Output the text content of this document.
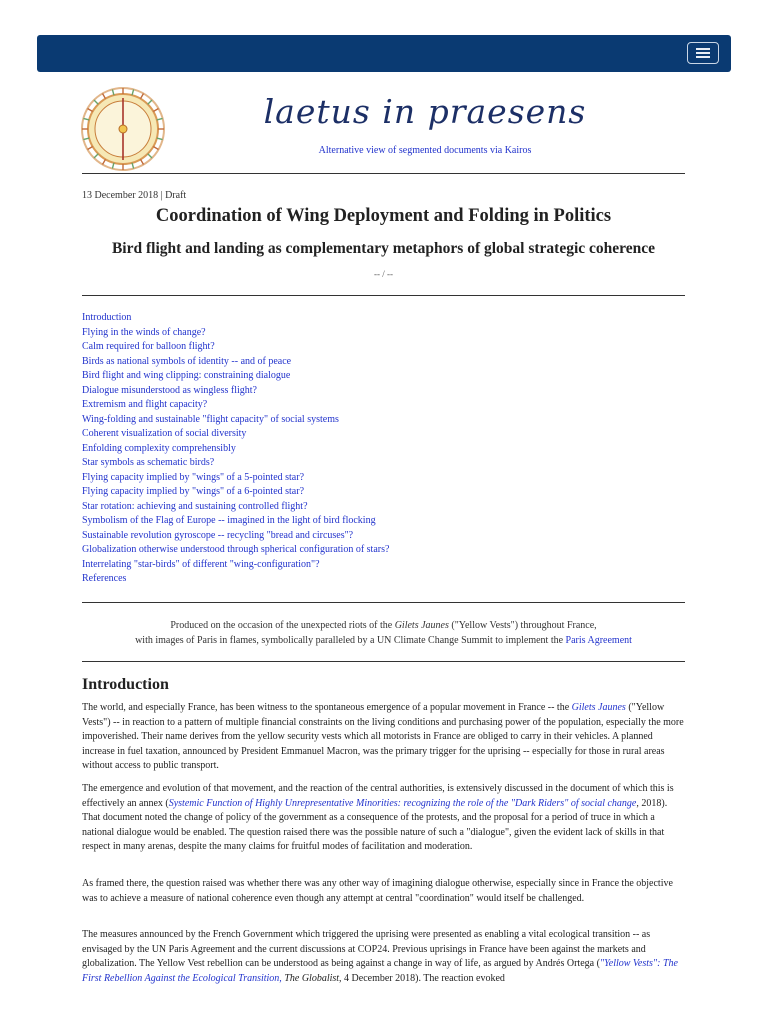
laetus in praesens
Alternative view of segmented documents via Kairos
13 December 2018 | Draft
Coordination of Wing Deployment and Folding in Politics
Bird flight and landing as complementary metaphors of global strategic coherence
-- / --
Introduction
Flying in the winds of change?
Calm required for balloon flight?
Birds as national symbols of identity -- and of peace
Bird flight and wing clipping: constraining dialogue
Dialogue misunderstood as wingless flight?
Extremism and flight capacity?
Wing-folding and sustainable "flight capacity" of social systems
Coherent visualization of social diversity
Enfolding complexity comprehensibly
Star symbols as schematic birds?
Flying capacity implied by "wings" of a 5-pointed star?
Flying capacity implied by "wings" of a 6-pointed star?
Star rotation: achieving and sustaining controlled flight?
Symbolism of the Flag of Europe -- imagined in the light of bird flocking
Sustainable revolution gyroscope -- recycling "bread and circuses"?
Globalization otherwise understood through spherical configuration of stars?
Interrelating "star-birds" of different "wing-configuration"?
References
Produced on the occasion of the unexpected riots of the Gilets Jaunes ("Yellow Vests") throughout France,
with images of Paris in flames, symbolically paralleled by a UN Climate Change Summit to implement the Paris Agreement
Introduction

The world, and especially France, has been witness to the spontaneous emergence of a popular movement in France -- the Gilets Jaunes ("Yellow Vests") -- in reaction to a pattern of multiple financial constraints on the living conditions and purchasing power of the population, especially the more impoverished. Their name derives from the yellow security vests which all motorists in France are obliged to carry in their vehicles. A planned increase in fuel taxation, announced by President Emmanuel Macron, was the primary trigger for the uprising -- especially for those in rural areas without access to public transport.

The emergence and evolution of that movement, and the reaction of the central authorities, is extensively discussed in the document of which this is effectively an annex (Systemic Function of Highly Unrepresentative Minorities: recognizing the role of the "Dark Riders" of social change, 2018). That document noted the change of policy of the government as a consequence of the protests, and the proposal for a period of truce in which a national dialogue would be enabled. The question raised there was the possible nature of such a "dialogue", given the evident lack of skills in that respect in many arenas, despite the many claims for fruitful modes of facilitation and moderation.

As framed there, the question raised was whether there was any other way of imagining dialogue otherwise, especially since in France the objective was to achieve a measure of national coherence even though any attempt at central "coordination" would itself be challenged.

The measures announced by the French Government which triggered the uprising were presented as enabling a vital ecological transition -- as envisaged by the UN Paris Agreement and the current discussions at COP24. Previous uprisings in France have been against the markets and globalization. The Yellow Vest rebellion can be understood as being against a change in way of life, as argued by Andrés Ortega ("Yellow Vests": The First Rebellion Against the Ecological Transition, The Globalist, 4 December 2018). The reaction evoked
